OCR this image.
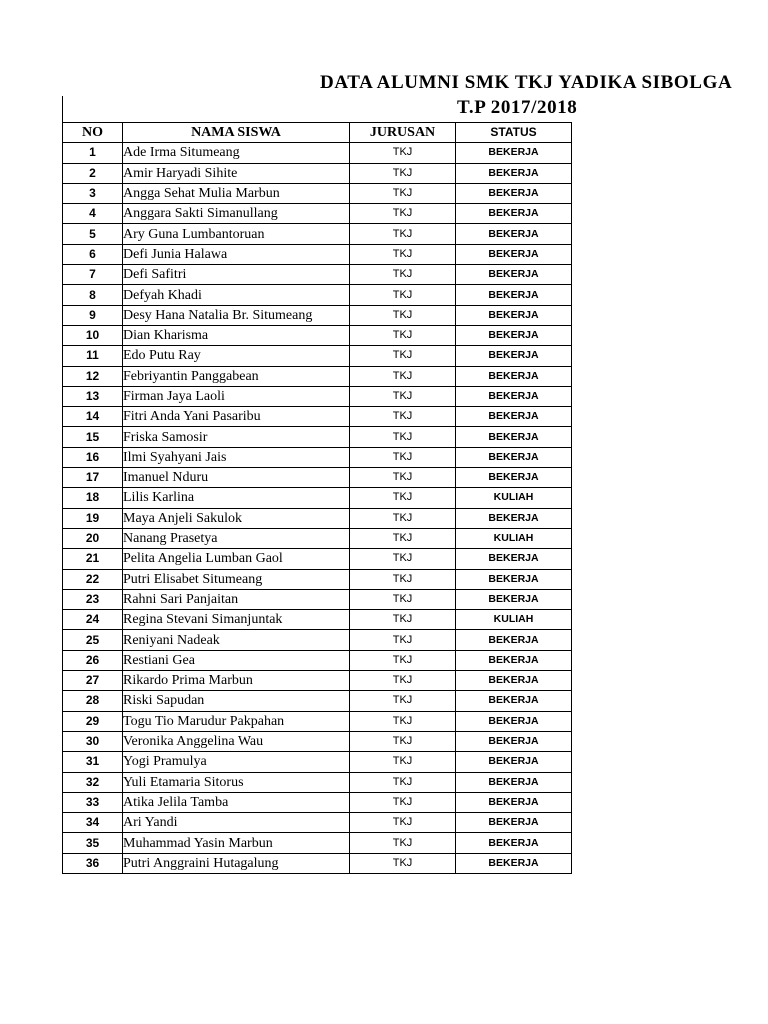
DATA ALUMNI SMK TKJ YADIKA SIBOLGA
T.P 2017/2018
NO	NAMA SISWA	JURUSAN	STATUS
1	Ade Irma Situmeang	TKJ	BEKERJA
2	Amir Haryadi Sihite	TKJ	BEKERJA
3	Angga Sehat Mulia Marbun	TKJ	BEKERJA
4	Anggara Sakti Simanullang	TKJ	BEKERJA
5	Ary Guna Lumbantoruan	TKJ	BEKERJA
6	Defi Junia Halawa	TKJ	BEKERJA
7	Defi Safitri	TKJ	BEKERJA
8	Defyah Khadi	TKJ	BEKERJA
9	Desy Hana Natalia Br. Situmeang	TKJ	BEKERJA
10	Dian Kharisma	TKJ	BEKERJA
11	Edo Putu Ray	TKJ	BEKERJA
12	Febriyantin Panggabean	TKJ	BEKERJA
13	Firman Jaya Laoli	TKJ	BEKERJA
14	Fitri Anda Yani Pasaribu	TKJ	BEKERJA
15	Friska Samosir	TKJ	BEKERJA
16	Ilmi Syahyani Jais	TKJ	BEKERJA
17	Imanuel Nduru	TKJ	BEKERJA
18	Lilis Karlina	TKJ	KULIAH
19	Maya Anjeli Sakulok	TKJ	BEKERJA
20	Nanang Prasetya	TKJ	KULIAH
21	Pelita Angelia Lumban Gaol	TKJ	BEKERJA
22	Putri Elisabet Situmeang	TKJ	BEKERJA
23	Rahni Sari Panjaitan	TKJ	BEKERJA
24	Regina Stevani Simanjuntak	TKJ	KULIAH
25	Reniyani Nadeak	TKJ	BEKERJA
26	Restiani Gea	TKJ	BEKERJA
27	Rikardo Prima Marbun	TKJ	BEKERJA
28	Riski Sapudan	TKJ	BEKERJA
29	Togu Tio Marudur Pakpahan	TKJ	BEKERJA
30	Veronika Anggelina Wau	TKJ	BEKERJA
31	Yogi Pramulya	TKJ	BEKERJA
32	Yuli Etamaria Sitorus	TKJ	BEKERJA
33	Atika Jelila Tamba	TKJ	BEKERJA
34	Ari Yandi	TKJ	BEKERJA
35	Muhammad Yasin Marbun	TKJ	BEKERJA
36	Putri Anggraini Hutagalung	TKJ	BEKERJA
